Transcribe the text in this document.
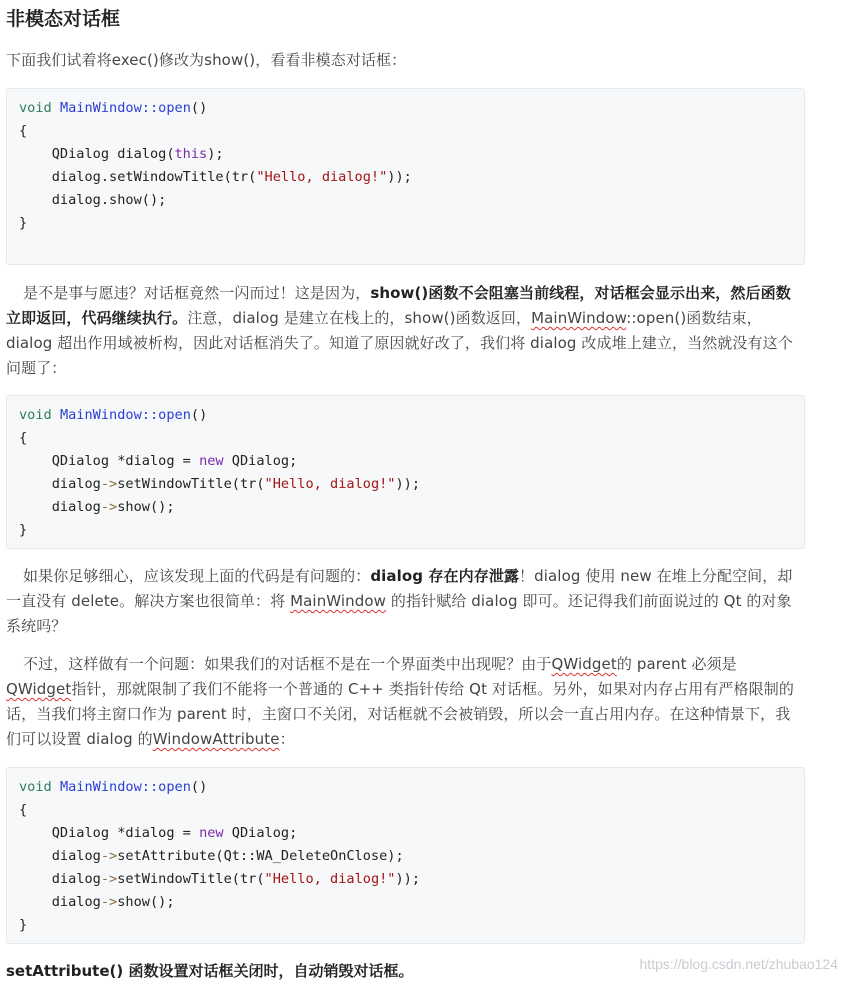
非模态对话框
下面我们试着将exec()修改为show()，看看非模态对话框：
void MainWindow::open()
{
QDialog dialog(this);
dialog.setWindowTitle(tr("Hello, dialog!"));
dialog.show();
}
是不是事与愿违？对话框竟然一闪而过！这是因为，show()函数不会阻塞当前线程，对话框会显示出来，然后函数立即返回，代码继续执行。注意，dialog 是建立在栈上的，show()函数返回，MainWindow::open()函数结束，dialog 超出作用域被析构，因此对话框消失了。知道了原因就好改了，我们将 dialog 改成堆上建立，当然就没有这个问题了：
void MainWindow::open()
{
QDialog *dialog = new QDialog;
dialog->setWindowTitle(tr("Hello, dialog!"));
dialog->show();
}
如果你足够细心，应该发现上面的代码是有问题的：dialog 存在内存泄露！dialog 使用 new 在堆上分配空间，却一直没有 delete。解决方案也很简单：将 MainWindow 的指针赋给 dialog 即可。还记得我们前面说过的 Qt 的对象系统吗？
不过，这样做有一个问题：如果我们的对话框不是在一个界面类中出现呢？由于QWidget的 parent 必须是QWidget指针，那就限制了我们不能将一个普通的 C++ 类指针传给 Qt 对话框。另外，如果对内存占用有严格限制的话，当我们将主窗口作为 parent 时，主窗口不关闭，对话框就不会被销毁，所以会一直占用内存。在这种情景下，我们可以设置 dialog 的WindowAttribute：
void MainWindow::open()
{
QDialog *dialog = new QDialog;
dialog->setAttribute(Qt::WA_DeleteOnClose);
dialog->setWindowTitle(tr("Hello, dialog!"));
dialog->show();
}
setAttribute() 函数设置对话框关闭时，自动销毁对话框。	https://blog.csdn.net/zhubao124
